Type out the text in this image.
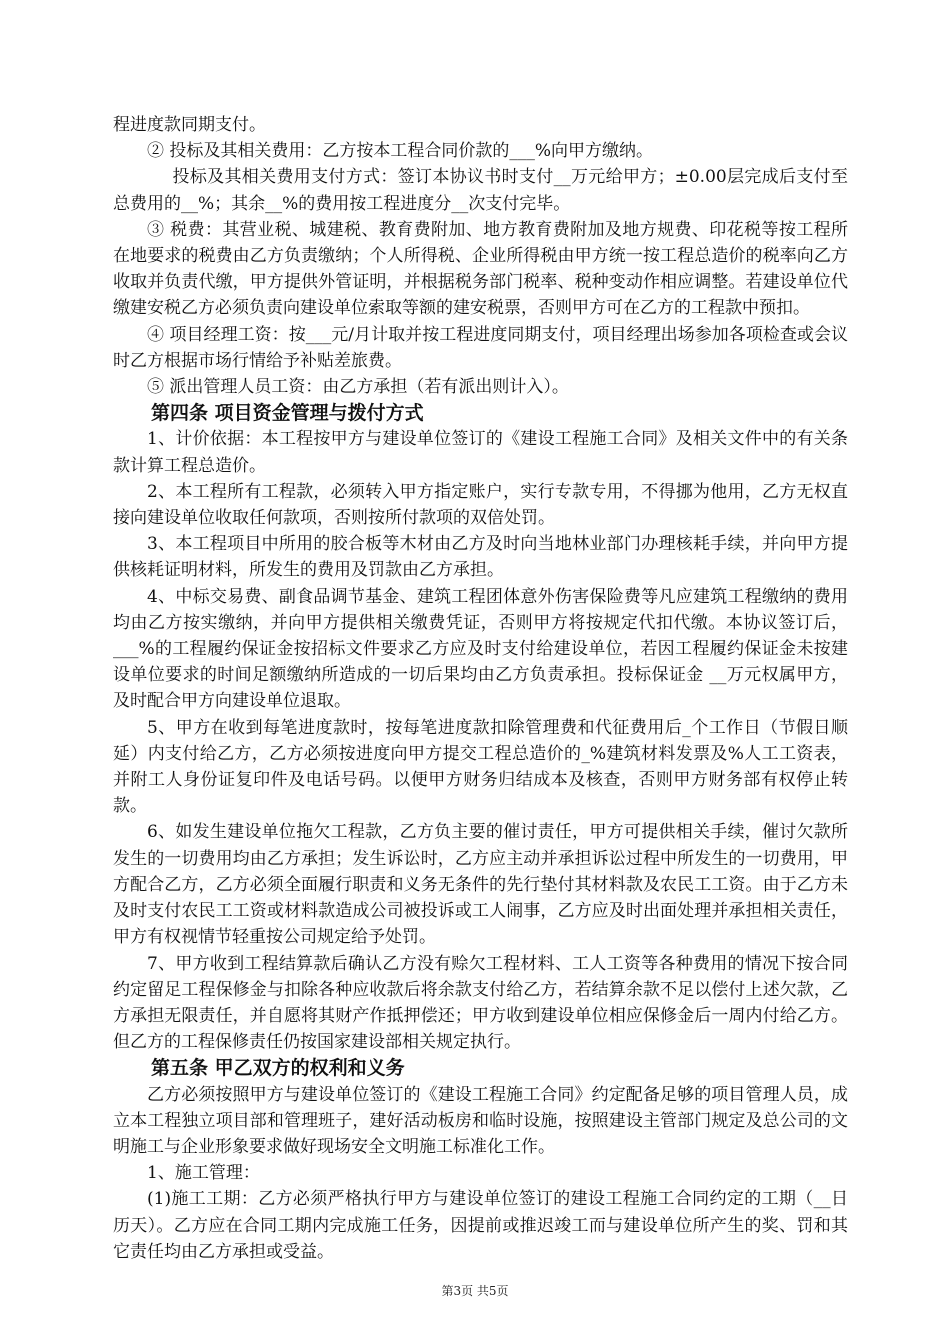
程进度款同期支付。

② 投标及其相关费用：乙方按本工程合同价款的___%向甲方缴纳。

投标及其相关费用支付方式：签订本协议书时支付__万元给甲方；±0.00层完成后支付至总费用的__%；其余__%的费用按工程进度分__次支付完毕。

③ 税费：其营业税、城建税、教育费附加、地方教育费附加及地方规费、印花税等按工程所在地要求的税费由乙方负责缴纳；个人所得税、企业所得税由甲方统一按工程总造价的税率向乙方收取并负责代缴，甲方提供外管证明，并根据税务部门税率、税种变动作相应调整。若建设单位代缴建安税乙方必须负责向建设单位索取等额的建安税票，否则甲方可在乙方的工程款中预扣。

④ 项目经理工资：按___元/月计取并按工程进度同期支付，项目经理出场参加各项检查或会议时乙方根据市场行情给予补贴差旅费。

⑤ 派出管理人员工资：由乙方承担（若有派出则计入）。

第四条 项目资金管理与拨付方式

1、计价依据：本工程按甲方与建设单位签订的《建设工程施工合同》及相关文件中的有关条款计算工程总造价。

2、本工程所有工程款，必须转入甲方指定账户，实行专款专用，不得挪为他用，乙方无权直接向建设单位收取任何款项，否则按所付款项的双倍处罚。

3、本工程项目中所用的胶合板等木材由乙方及时向当地林业部门办理核耗手续，并向甲方提供核耗证明材料，所发生的费用及罚款由乙方承担。

4、中标交易费、副食品调节基金、建筑工程团体意外伤害保险费等凡应建筑工程缴纳的费用均由乙方按实缴纳，并向甲方提供相关缴费凭证，否则甲方将按规定代扣代缴。本协议签订后，___%的工程履约保证金按招标文件要求乙方应及时支付给建设单位，若因工程履约保证金未按建设单位要求的时间足额缴纳所造成的一切后果均由乙方负责承担。投标保证金 __万元权属甲方，及时配合甲方向建设单位退取。

5、甲方在收到每笔进度款时，按每笔进度款扣除管理费和代征费用后_个工作日（节假日顺延）内支付给乙方，乙方必须按进度向甲方提交工程总造价的_%建筑材料发票及%人工工资表，并附工人身份证复印件及电话号码。以便甲方财务归结成本及核查，否则甲方财务部有权停止转款。

6、如发生建设单位拖欠工程款，乙方负主要的催讨责任，甲方可提供相关手续，催讨欠款所发生的一切费用均由乙方承担；发生诉讼时，乙方应主动并承担诉讼过程中所发生的一切费用，甲方配合乙方，乙方必须全面履行职责和义务无条件的先行垫付其材料款及农民工工资。由于乙方未及时支付农民工工资或材料款造成公司被投诉或工人闹事，乙方应及时出面处理并承担相关责任，甲方有权视情节轻重按公司规定给予处罚。

7、甲方收到工程结算款后确认乙方没有赊欠工程材料、工人工资等各种费用的情况下按合同约定留足工程保修金与扣除各种应收款后将余款支付给乙方，若结算余款不足以偿付上述欠款，乙方承担无限责任，并自愿将其财产作抵押偿还；甲方收到建设单位相应保修金后一周内付给乙方。但乙方的工程保修责任仍按国家建设部相关规定执行。

第五条 甲乙双方的权利和义务

乙方必须按照甲方与建设单位签订的《建设工程施工合同》约定配备足够的项目管理人员，成立本工程独立项目部和管理班子，建好活动板房和临时设施，按照建设主管部门规定及总公司的文明施工与企业形象要求做好现场安全文明施工标准化工作。

1、施工管理：

(1)施工工期：乙方必须严格执行甲方与建设单位签订的建设工程施工合同约定的工期（__日历天）。乙方应在合同工期内完成施工任务，因提前或推迟竣工而与建设单位所产生的奖、罚和其它责任均由乙方承担或受益。

第3页 共5页
